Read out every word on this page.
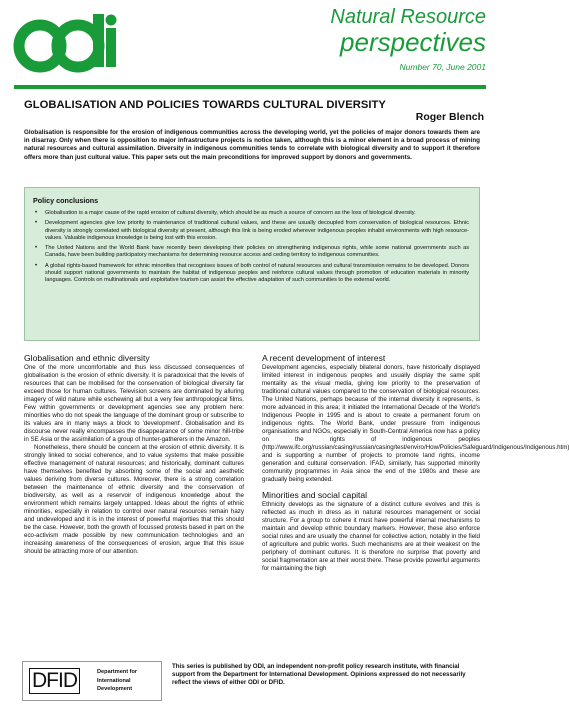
odi	Natural Resource
perspectives
Number 70, June 2001
GLOBALISATION AND POLICIES TOWARDS CULTURAL DIVERSITY
Roger Blench
Globalisation is responsible for the erosion of indigenous communities across the developing world, yet the policies of major donors towards them are in disarray. Only when there is opposition to major infrastructure projects is notice taken, although this is a minor element in a broad process of mining natural resources and cultural assimilation. Diversity in indigenous communities tends to correlate with biological diversity and to support it therefore offers more than just cultural value. This paper sets out the main preconditions for improved support by donors and governments.
Policy conclusions
• Globalisation is a major cause of the rapid erosion of cultural diversity, which should be as much a source of concern as the loss of biological diversity.
• Development agencies give low priority to maintenance of traditional cultural values, and these are usually decoupled from conservation of biological resources. Ethnic diversity is strongly correlated with biological diversity at present, although this link is being eroded wherever indigenous peoples inhabit environments with high resource-values. Valuable indigenous knowledge is being lost with this erosion.
• The United Nations and the World Bank have recently been developing their policies on strengthening indigenous rights, while some national governments such as Canada, have been building participatory mechanisms for determining resource access and ceding territory to indigenous communities.
• A global rights-based framework for ethnic minorities that recognises issues of both control of natural resources and cultural transmission remains to be developed. Donors should support national governments to maintain the habitat of indigenous peoples and reinforce cultural values through promotion of education materials in minority languages. Controls on multinationals and exploitative tourism can assist the effective adaptation of such communities to the external world.
Globalisation and ethnic diversity

One of the more uncomfortable and thus less discussed consequences of globalisation is the erosion of ethnic diversity. It is paradoxical that the levels of resources that can be mobilised for the conservation of biological diversity far exceed those for human cultures. Television screens are dominated by alluring imagery of wild nature while eschewing all but a very few anthropological films. Few within governments or development agencies see any problem here: minorities who do not speak the language of the dominant group or subscribe to its values are in many ways a block to 'development'. Globalisation and its discourse never really encompasses the disappearance of some minor hill-tribe in SE Asia or the assimilation of a group of hunter-gatherers in the Amazon.

Nonetheless, there should be concern at the erosion of ethnic diversity. It is strongly linked to social coherence, and to value systems that make possible effective management of natural resources; and historically, dominant cultures have themselves benefited by absorbing some of the social and aesthetic values deriving from diverse cultures. Moreover, there is a strong correlation between the maintenance of ethnic diversity and the conservation of biodiversity, as well as a reservoir of indigenous knowledge about the environment which remains largely untapped. Ideas about the rights of ethnic minorities, especially in relation to control over natural resources remain hazy and undeveloped and it is in the interest of powerful majorities that this should be the case. However, both the growth of focussed protests based in part on the eco-activism made possible by new communication technologies and an increasing awareness of the consequences of erosion, argue that this issue should be attracting more of our attention.

A recent development of interest

Development agencies, especially bilateral donors, have historically displayed limited interest in indigenous peoples and usually display the same split mentality as the visual media, giving low priority to the preservation of traditional cultural values compared to the conservation of biological resources. The United Nations, perhaps because of the internal diversity it represents, is more advanced in this area; it initiated the International Decade of the World's Indigenous People in 1995 and is about to create a permanent forum on indigenous rights. The World Bank, under pressure from indigenous organisations and NGOs, especially in South-Central America now has a policy on the rights of indigenous peoples (http://www.ifc.org/russian/casing/russian/casing/test/enviro/How/Policies/Safeguard/Indigenous/Indigenous.htm) and is supporting a number of projects to promote land rights, income generation and cultural conservation. IFAD, similarly, has supported minority community programmes in Asia since the end of the 1980s and these are gradually being extended.

Minorities and social capital

Ethnicity develops as the signature of a distinct culture evolves and this is reflected as much in dress as in natural resources management or social structure. For a group to cohere it must have powerful internal mechanisms to maintain and develop ethnic boundary markers. However, these also enforce social rules and are usually the channel for collective action, notably in the field of agriculture and public works. Such mechanisms are at their weakest on the periphery of dominant cultures. It is therefore no surprise that poverty and social fragmentation are at their worst there. These provide powerful arguments for maintaining the high

DFID	Department for
International
Development
This series is published by ODI, an independent non-profit policy research institute, with financial support from the Department for International Development. Opinions expressed do not necessarily reflect the views of either ODI or DFID.
